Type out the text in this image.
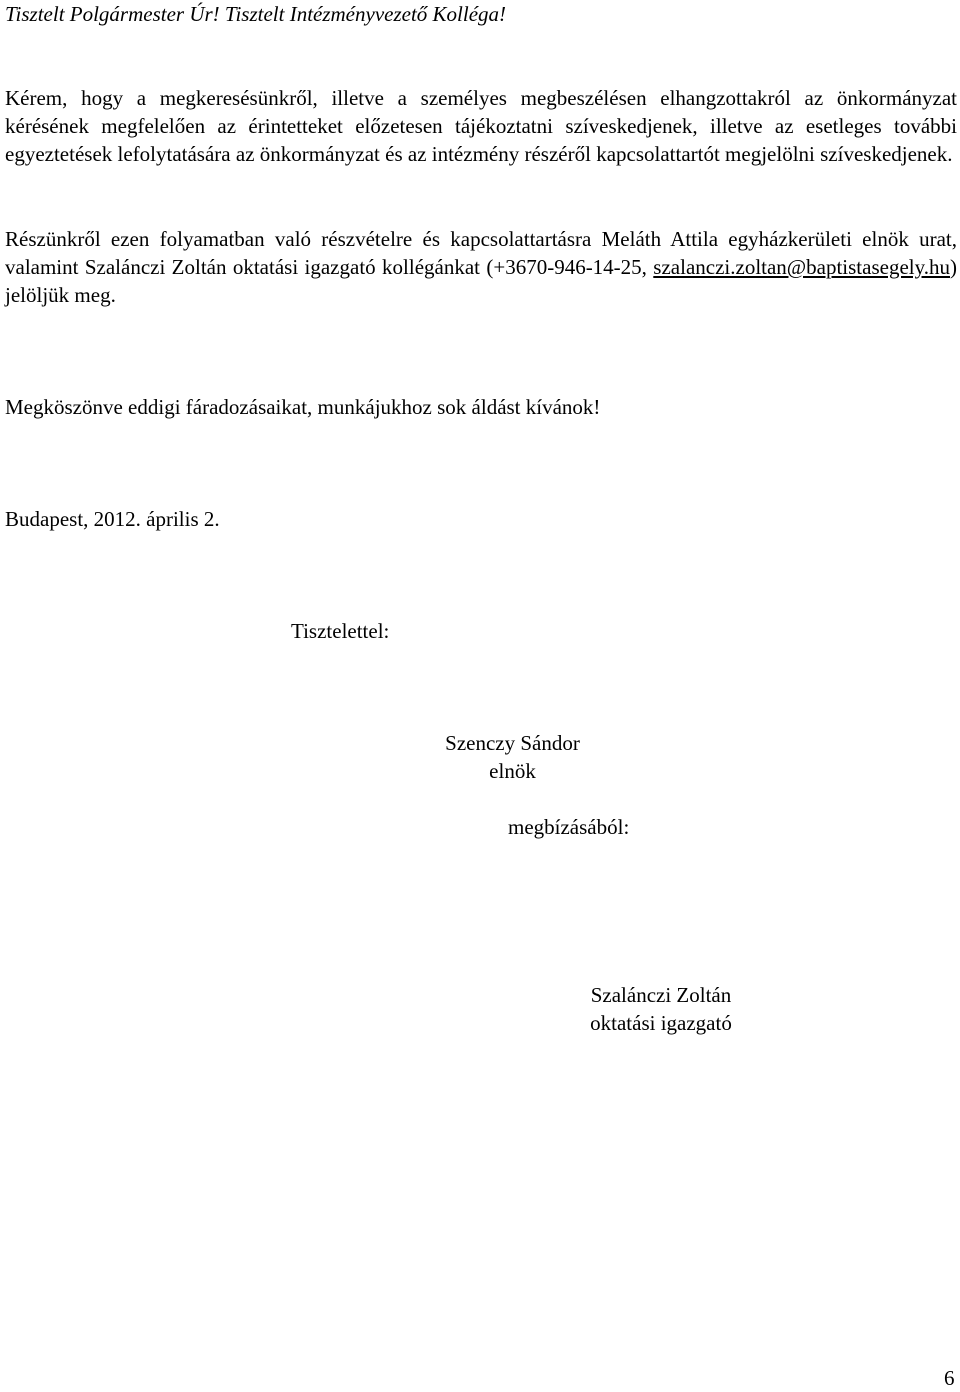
Tisztelt Polgármester Úr! Tisztelt Intézményvezető Kolléga!

Kérem, hogy a megkeresésünkről, illetve a személyes megbeszélésen elhangzottakról az önkormányzat kérésének megfelelően az érintetteket előzetesen tájékoztatni szíveskedjenek, illetve az esetleges további egyeztetések lefolytatására az önkormányzat és az intézmény részéről kapcsolattartót megjelölni szíveskedjenek.

Részünkről ezen folyamatban való részvételre és kapcsolattartásra Meláth Attila egyházkerületi elnök urat, valamint Szalánczi Zoltán oktatási igazgató kollégánkat (+3670-946-14-25, szalanczi.zoltan@baptistasegely.hu) jelöljük meg.

Megköszönve eddigi fáradozásaikat, munkájukhoz sok áldást kívánok!

Budapest, 2012. április 2.

Tisztelettel:

Szenczy Sándor
elnök
megbízásából:
Szalánczi Zoltán
oktatási igazgató
6
